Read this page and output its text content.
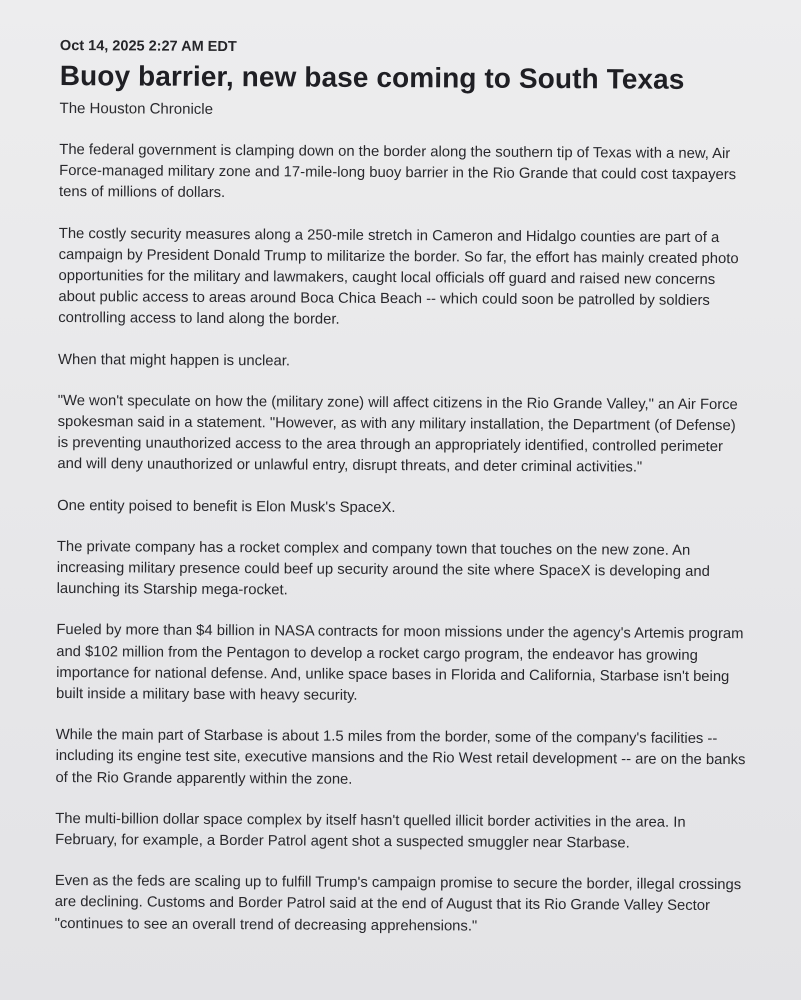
Oct 14, 2025 2:27 AM EDT
Buoy barrier, new base coming to South Texas
The Houston Chronicle

The federal government is clamping down on the border along the southern tip of Texas with a new, Air Force-managed military zone and 17-mile-long buoy barrier in the Rio Grande that could cost taxpayers tens of millions of dollars.

The costly security measures along a 250-mile stretch in Cameron and Hidalgo counties are part of a campaign by President Donald Trump to militarize the border. So far, the effort has mainly created photo opportunities for the military and lawmakers, caught local officials off guard and raised new concerns about public access to areas around Boca Chica Beach -- which could soon be patrolled by soldiers controlling access to land along the border.

When that might happen is unclear.

"We won't speculate on how the (military zone) will affect citizens in the Rio Grande Valley," an Air Force spokesman said in a statement. "However, as with any military installation, the Department (of Defense) is preventing unauthorized access to the area through an appropriately identified, controlled perimeter and will deny unauthorized or unlawful entry, disrupt threats, and deter criminal activities."

One entity poised to benefit is Elon Musk's SpaceX.

The private company has a rocket complex and company town that touches on the new zone. An increasing military presence could beef up security around the site where SpaceX is developing and launching its Starship mega-rocket.

Fueled by more than $4 billion in NASA contracts for moon missions under the agency's Artemis program and $102 million from the Pentagon to develop a rocket cargo program, the endeavor has growing importance for national defense. And, unlike space bases in Florida and California, Starbase isn't being built inside a military base with heavy security.

While the main part of Starbase is about 1.5 miles from the border, some of the company's facilities -- including its engine test site, executive mansions and the Rio West retail development -- are on the banks of the Rio Grande apparently within the zone.

The multi-billion dollar space complex by itself hasn't quelled illicit border activities in the area. In February, for example, a Border Patrol agent shot a suspected smuggler near Starbase.

Even as the feds are scaling up to fulfill Trump's campaign promise to secure the border, illegal crossings are declining. Customs and Border Patrol said at the end of August that its Rio Grande Valley Sector "continues to see an overall trend of decreasing apprehensions."
